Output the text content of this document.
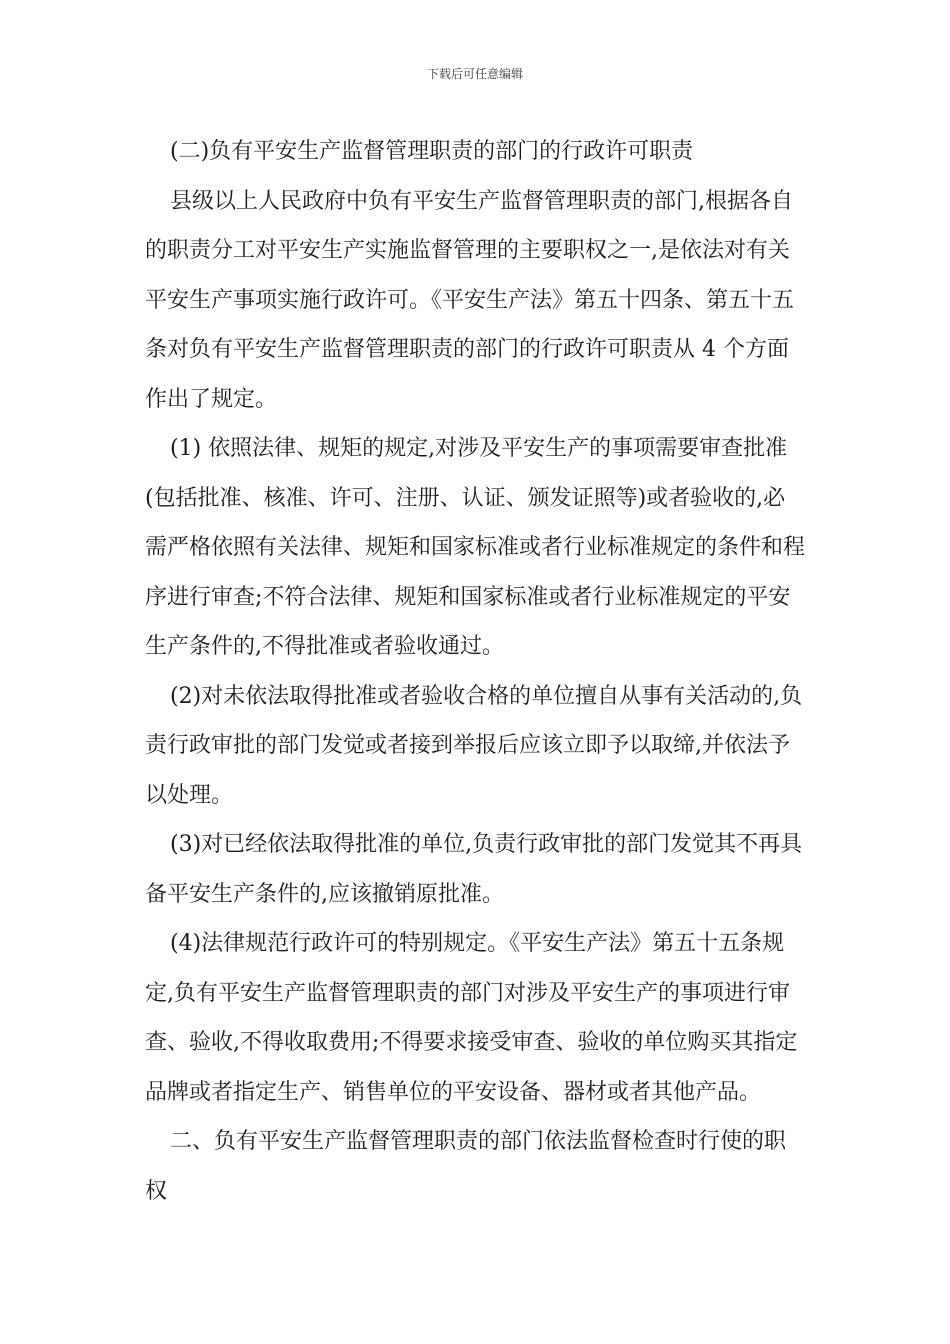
下载后可任意编辑

(二)负有平安生产监督管理职责的部门的行政许可职责

县级以上人民政府中负有平安生产监督管理职责的部门,根据各自的职责分工对平安生产实施监督管理的主要职权之一,是依法对有关平安生产事项实施行政许可。《平安生产法》第五十四条、第五十五条对负有平安生产监督管理职责的部门的行政许可职责从 4 个方面作出了规定。

(1) 依照法律、规矩的规定,对涉及平安生产的事项需要审查批准(包括批准、核准、许可、注册、认证、颁发证照等)或者验收的,必需严格依照有关法律、规矩和国家标准或者行业标准规定的条件和程序进行审查;不符合法律、规矩和国家标准或者行业标准规定的平安生产条件的,不得批准或者验收通过。

(2)对未依法取得批准或者验收合格的单位擅自从事有关活动的,负责行政审批的部门发觉或者接到举报后应该立即予以取缔,并依法予以处理。

(3)对已经依法取得批准的单位,负责行政审批的部门发觉其不再具备平安生产条件的,应该撤销原批准。

(4)法律规范行政许可的特别规定。《平安生产法》第五十五条规定,负有平安生产监督管理职责的部门对涉及平安生产的事项进行审查、验收,不得收取费用;不得要求接受审查、验收的单位购买其指定品牌或者指定生产、销售单位的平安设备、器材或者其他产品。

二、负有平安生产监督管理职责的部门依法监督检查时行使的职权
